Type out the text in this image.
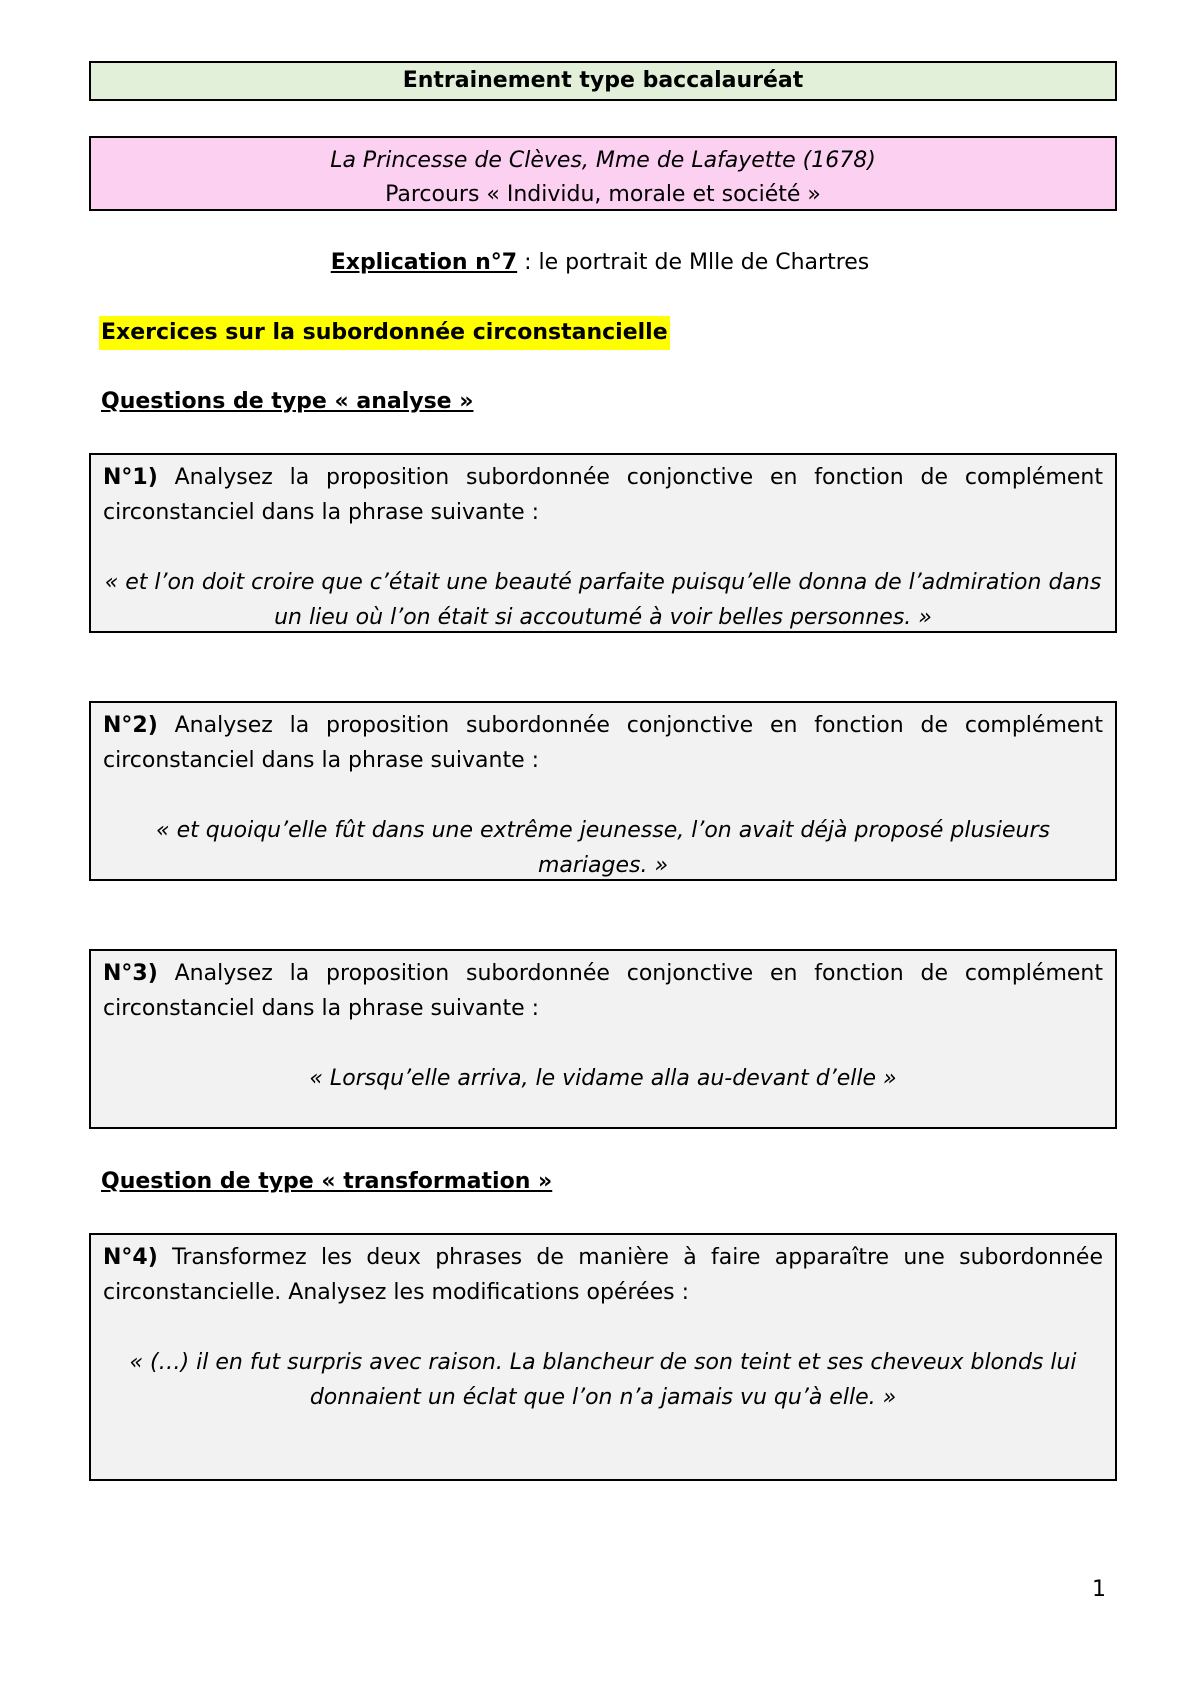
Entrainement type baccalauréat
La Princesse de Clèves, Mme de Lafayette (1678)
Parcours « Individu, morale et société »
Explication n°7 : le portrait de Mlle de Chartres
Exercices sur la subordonnée circonstancielle
Questions de type « analyse »
N°1) Analysez la proposition subordonnée conjonctive en fonction de complément circonstanciel dans la phrase suivante :
« et l’on doit croire que c’était une beauté parfaite puisqu’elle donna de l’admiration dans un lieu où l’on était si accoutumé à voir belles personnes. »
N°2) Analysez la proposition subordonnée conjonctive en fonction de complément circonstanciel dans la phrase suivante :
« et quoiqu’elle fût dans une extrême jeunesse, l’on avait déjà proposé plusieurs mariages. »
N°3) Analysez la proposition subordonnée conjonctive en fonction de complément circonstanciel dans la phrase suivante :
« Lorsqu’elle arriva, le vidame alla au-devant d’elle »
Question de type « transformation »
N°4) Transformez les deux phrases de manière à faire apparaître une subordonnée circonstancielle. Analysez les modifications opérées :
« (…) il en fut surpris avec raison. La blancheur de son teint et ses cheveux blonds lui donnaient un éclat que l’on n’a jamais vu qu’à elle. »
1
